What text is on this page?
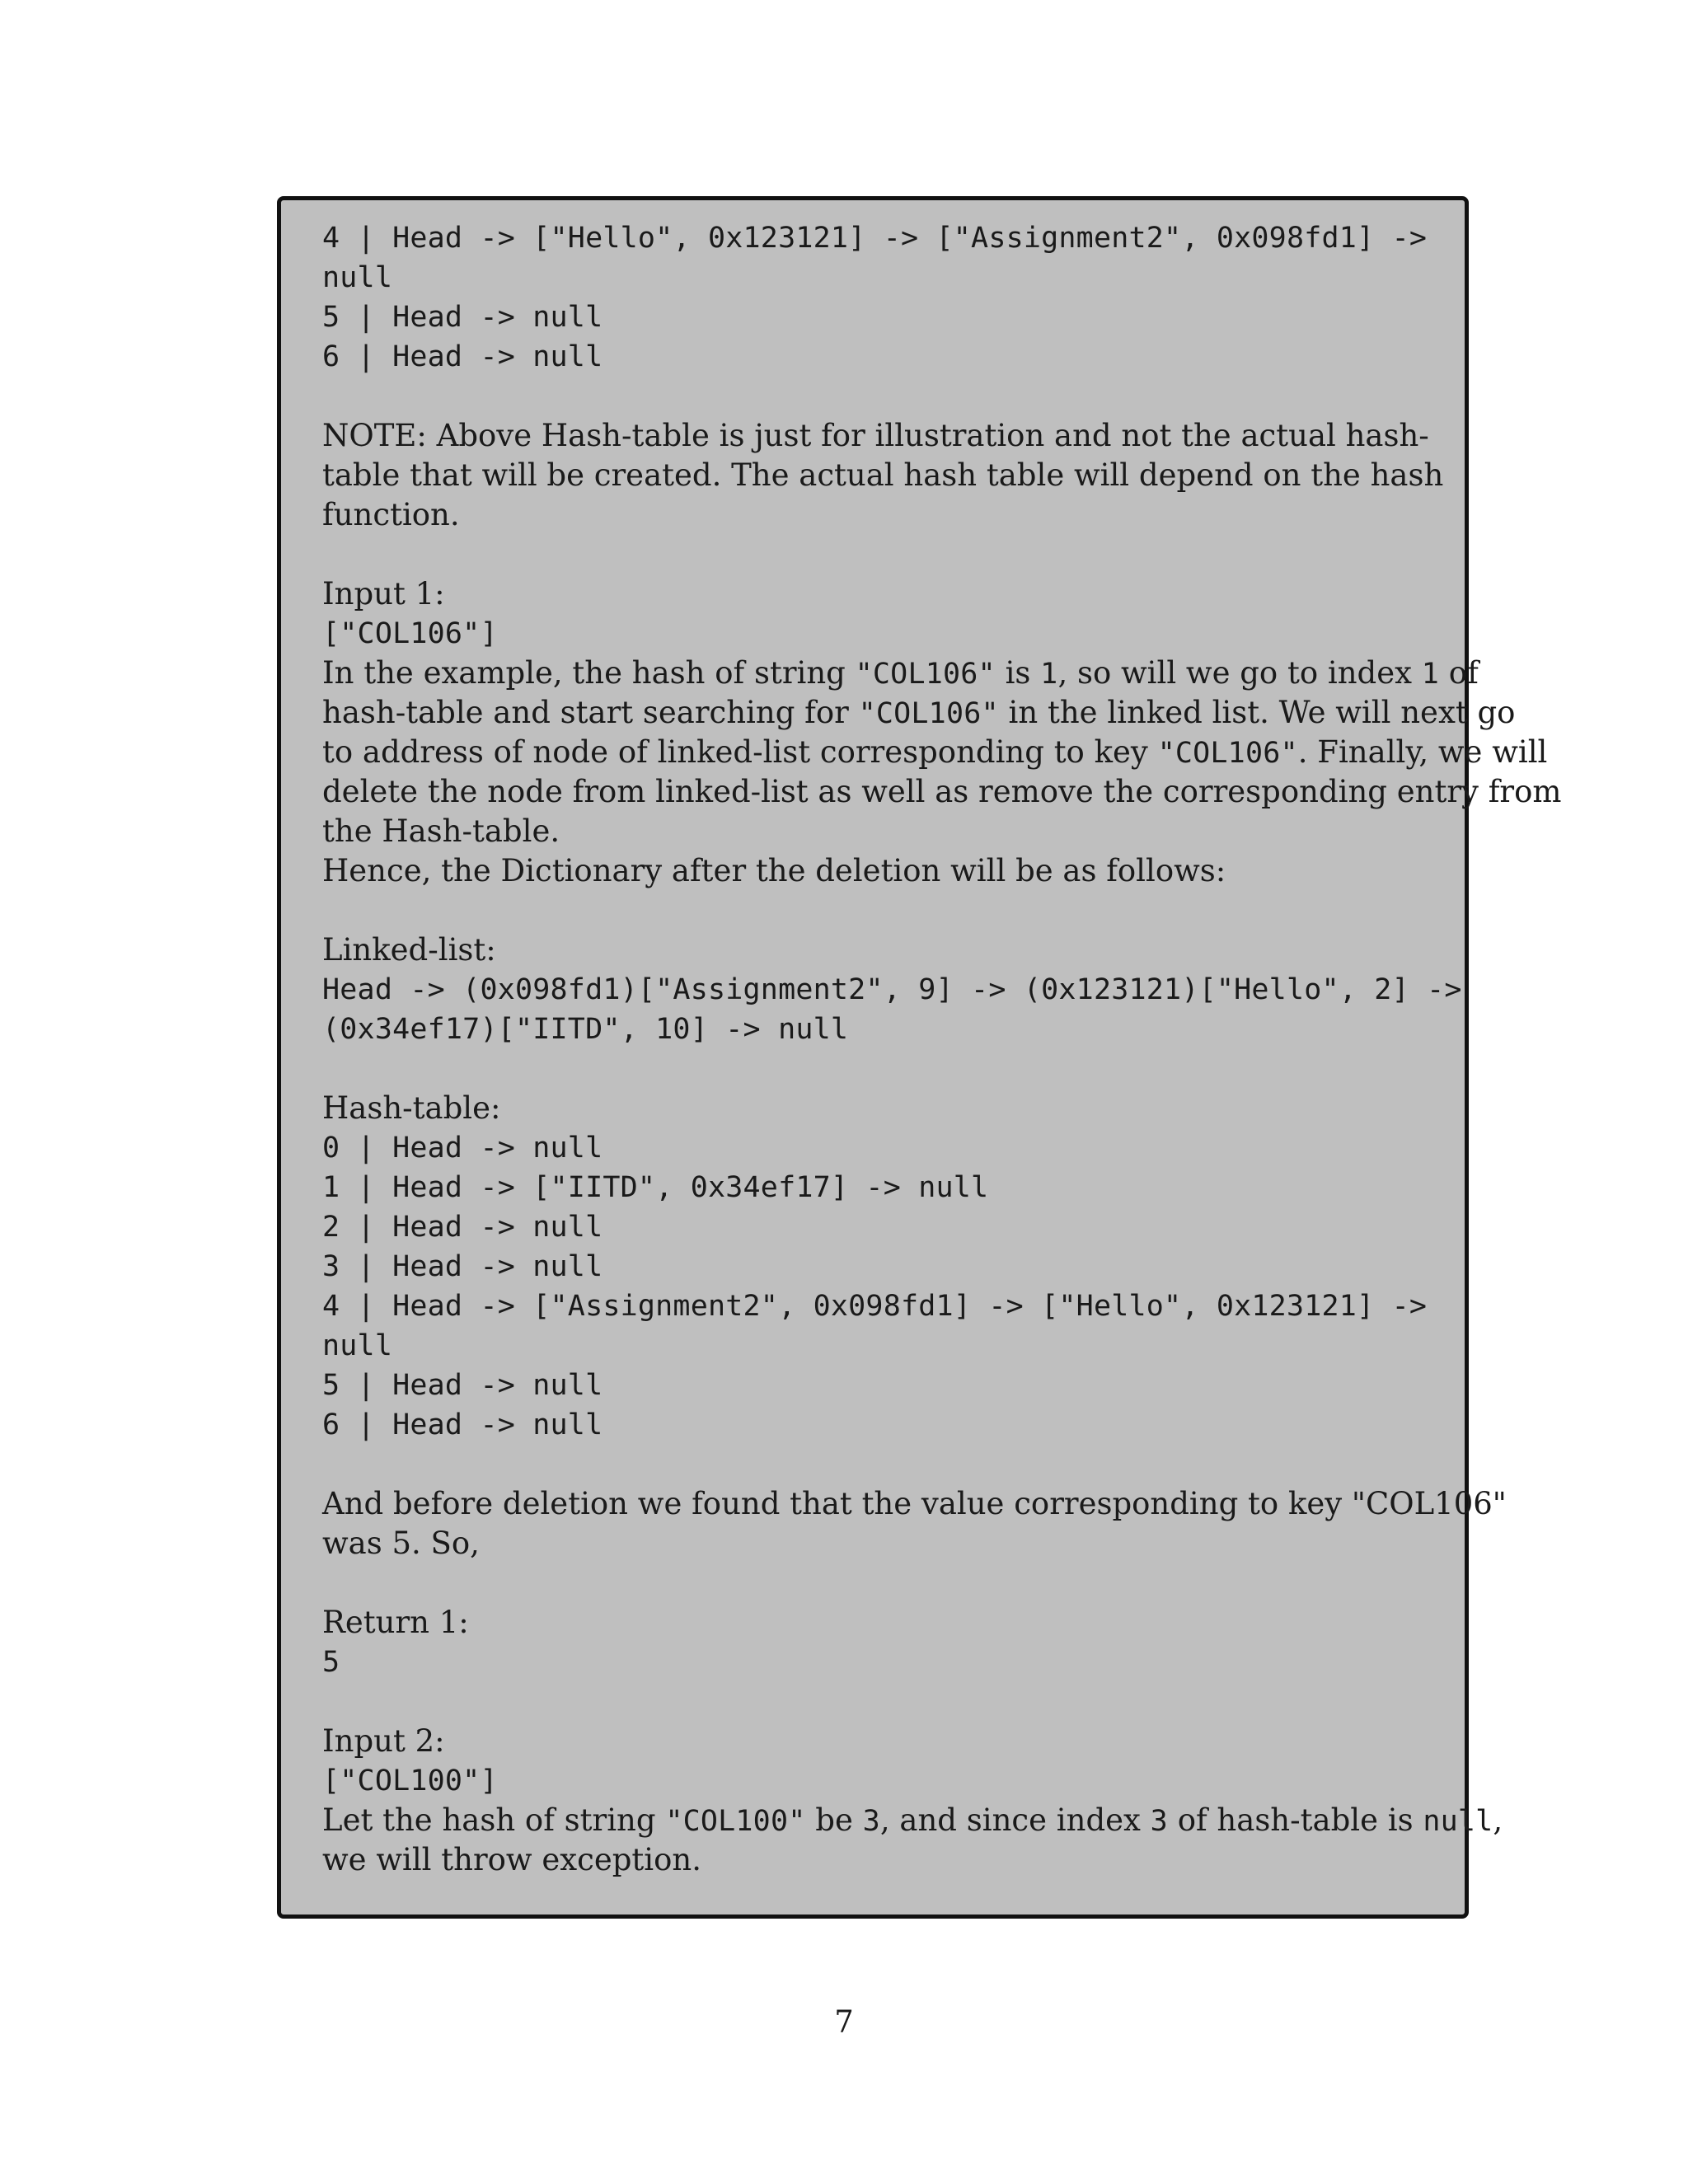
4 | Head -> ["Hello", 0x123121] -> ["Assignment2", 0x098fd1] ->
null
5 | Head -> null
6 | Head -> null
NOTE: Above Hash-table is just for illustration and not the actual hash-
table that will be created. The actual hash table will depend on the hash
function.
Input 1:
["COL106"]
In the example, the hash of string "COL106" is 1, so will we go to index 1 of
hash-table and start searching for "COL106" in the linked list. We will next go
to address of node of linked-list corresponding to key "COL106". Finally, we will
delete the node from linked-list as well as remove the corresponding entry from
the Hash-table.
Hence, the Dictionary after the deletion will be as follows:
Linked-list:
Head -> (0x098fd1)["Assignment2", 9] -> (0x123121)["Hello", 2] ->
(0x34ef17)["IITD", 10] -> null
Hash-table:
0 | Head -> null
1 | Head -> ["IITD", 0x34ef17] -> null
2 | Head -> null
3 | Head -> null
4 | Head -> ["Assignment2", 0x098fd1] -> ["Hello", 0x123121] ->
null
5 | Head -> null
6 | Head -> null
And before deletion we found that the value corresponding to key "COL106"
was 5. So,
Return 1:
5
Input 2:
["COL100"]
Let the hash of string "COL100" be 3, and since index 3 of hash-table is null,
we will throw exception.
7
